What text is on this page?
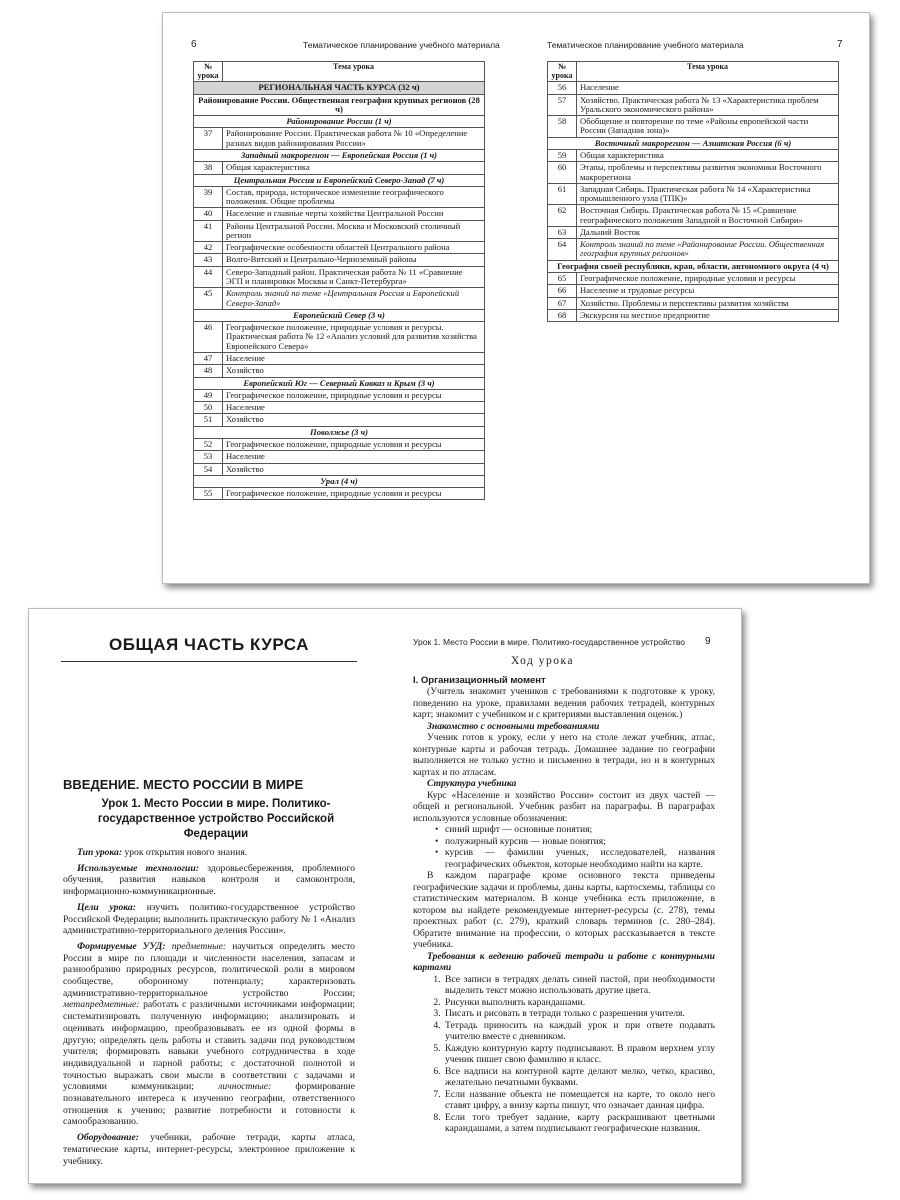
6	Тематическое планирование учебного материала
№ урока	Тема урока
РЕГИОНАЛЬНАЯ ЧАСТЬ КУРСА (32 ч)	
Районирование России. Общественная география крупных регионов (28 ч)	
Районирование России (1 ч)	
37	Районирование России. Практическая работа № 10 «Определение разных видов районирования России»
Западный макрорегион — Европейская Россия (1 ч)	
38	Общая характеристика
Центральная Россия и Европейский Северо-Запад (7 ч)	
39	Состав, природа, историческое изменение географического положения. Общие проблемы
40	Население и главные черты хозяйства Центральной России
41	Районы Центральной России. Москва и Московский столичный регион
42	Географические особенности областей Центрального района
43	Волго-Вятский и Центрально-Черноземный районы
44	Северо-Западный район. Практическая работа № 11 «Сравнение ЭГП и планировки Москвы и Санкт-Петербурга»
45	Контроль знаний по теме «Центральная Россия и Европейский Северо-Запад»
Европейский Север (3 ч)	
46	Географическое положение, природные условия и ресурсы. Практическая работа № 12 «Анализ условий для развития хозяйства Европейского Севера»
47	Население
48	Хозяйство
Европейский Юг — Северный Кавказ и Крым (3 ч)	
49	Географическое положение, природные условия и ресурсы
50	Население
51	Хозяйство
Поволжье (3 ч)	
52	Географическое положение, природные условия и ресурсы
53	Население
54	Хозяйство
Урал (4 ч)	
55	Географическое положение, природные условия и ресурсы
Тематическое планирование учебного материала	7
№ урока	Тема урока
56	Население
57	Хозяйство. Практическая работа № 13 «Характеристика проблем Уральского экономического района»
58	Обобщение и повторение по теме «Районы европейской части России (Западная зона)»
Восточный макрорегион — Азиатская Россия (6 ч)	
59	Общая характеристика
60	Этапы, проблемы и перспективы развития экономики Восточного макрорегиона
61	Западная Сибирь. Практическая работа № 14 «Характеристика промышленного узла (ТПК)»
62	Восточная Сибирь. Практическая работа № 15 «Сравнение географического положения Западной и Восточной Сибири»
63	Дальний Восток
64	Контроль знаний по теме «Районирование России. Общественная география крупных регионов»
География своей республики, края, области, автономного округа (4 ч)	
65	Географическое положение, природные условия и ресурсы
66	Население и трудовые ресурсы
67	Хозяйство. Проблемы и перспективы развития хозяйства
68	Экскурсия на местное предприятие
ОБЩАЯ ЧАСТЬ КУРСА
ВВЕДЕНИЕ. МЕСТО РОССИИ В МИРЕ
Урок 1. Место России в мире. Политико-государственное устройство Российской Федерации

Тип урока: урок открытия нового знания.

Используемые технологии: здоровьесбережения, проблемного обучения, развития навыков контроля и самоконтроля, информационно-коммуникационные.

Цели урока: изучить политико-государственное устройство Российской Федерации; выполнить практическую работу № 1 «Анализ административно-территориального деления России».

Формируемые УУД: предметные: научиться определять место России в мире по площади и численности населения, запасам и разнообразию природных ресурсов, политической роли в мировом сообществе, оборонному потенциалу; характеризовать административно-территориальное устройство России; метапредметные: работать с различными источниками информации; систематизировать полученную информацию; анализировать и оценивать информацию, преобразовывать ее из одной формы в другую; определять цель работы и ставить задачи под руководством учителя; формировать навыки учебного сотрудничества в ходе индивидуальной и парной работы; с достаточной полнотой и точностью выражать свои мысли в соответствии с задачами и условиями коммуникации; личностные: формирование познавательного интереса к изучению географии, ответственного отношения к учению; развитие потребности и готовности к самообразованию.

Оборудование: учебники, рабочие тетради, карты атласа, тематические карты, интернет-ресурсы, электронное приложение к учебнику.

Урок 1. Место России в мире. Политико-государственное устройство 9
Ход урока

I. Организационный момент

(Учитель знакомит учеников с требованиями к подготовке к уроку, поведению на уроке, правилами ведения рабочих тетрадей, контурных карт; знакомит с учебником и с критериями выставления оценок.)

Знакомство с основными требованиями

Ученик готов к уроку, если у него на столе лежат учебник, атлас, контурные карты и рабочая тетрадь. Домашнее задание по географии выполняется не только устно и письменно в тетради, но и в контурных картах и по атласам.

Структура учебника

Курс «Население и хозяйство России» состоит из двух частей — общей и региональной. Учебник разбит на параграфы. В параграфах используются условные обозначения:

• синий шрифт — основные понятия;
• полужирный курсив — новые понятия;
• курсив — фамилии ученых, исследователей, названия географических объектов, которые необходимо найти на карте.

В каждом параграфе кроме основного текста приведены географические задачи и проблемы, даны карты, картосхемы, таблицы со статистическим материалом. В конце учебника есть приложение, в котором вы найдете рекомендуемые интернет-ресурсы (с. 278), темы проектных работ (с. 279), краткий словарь терминов (с. 280–284). Обратите внимание на профессии, о которых рассказывается в тексте учебника.

Требования к ведению рабочей тетради и работе с контурными картами

1. Все записи в тетрадях делать синей пастой, при необходимости выделить текст можно использовать другие цвета.
2. Рисунки выполнять карандашами.
3. Писать и рисовать в тетради только с разрешения учителя.
4. Тетрадь приносить на каждый урок и при ответе подавать учителю вместе с дневником.
5. Каждую контурную карту подписывают. В правом верхнем углу ученик пишет свою фамилию и класс.
6. Все надписи на контурной карте делают мелко, четко, красиво, желательно печатными буквами.
7. Если название объекта не помещается на карте, то около него ставят цифру, а внизу карты пишут, что означает данная цифра.
8. Если того требует задание, карту раскрашивают цветными карандашами, а затем подписывают географические названия.
